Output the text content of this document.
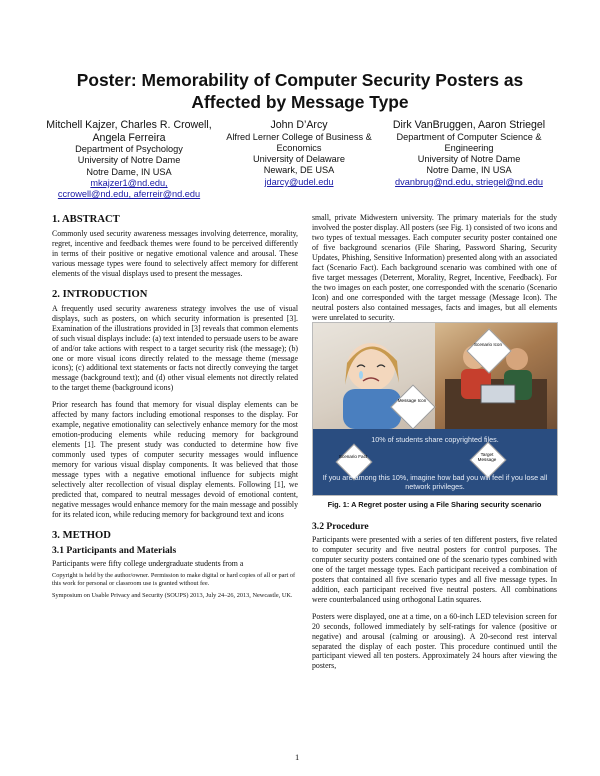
Poster: Memorability of Computer Security Posters as Affected by Message Type
Mitchell Kajzer, Charles R. Crowell, Angela Ferreira
Department of Psychology
University of Notre Dame
Notre Dame, IN USA
mkajzer1@nd.edu,
ccrowell@nd.edu, aferreir@nd.edu
John D’Arcy
Alfred Lerner College of Business & Economics
University of Delaware
Newark, DE USA
jdarcy@udel.edu
Dirk VanBruggen, Aaron Striegel
Department of Computer Science & Engineering
University of Notre Dame
Notre Dame, IN USA
dvanbrug@nd.edu, striegel@nd.edu
1. ABSTRACT

Commonly used security awareness messages involving deterrence, morality, regret, incentive and feedback themes were found to be perceived differently in terms of their positive or negative emotional valence and arousal. These various message types were found to selectively affect memory for different elements of the visual displays used to present the messages.

2. INTRODUCTION

A frequently used security awareness strategy involves the use of visual displays, such as posters, on which security information is presented [3]. Examination of the illustrations provided in [3] reveals that common elements of such visual displays include: (a) text intended to persuade users to be aware of and/or take actions with respect to a target security risk (the message); (b) one or more visual icons directly related to the message theme (message icons); (c) additional text statements or facts not directly conveying the target message (background text); and (d) other visual elements not directly related to the target theme (background icons)

Prior research has found that memory for visual display elements can be affected by many factors including emotional responses to the display. For example, negative emotionality can selectively enhance memory for the most emotion-producing elements while reducing memory for background elements [1]. The present study was conducted to determine how five commonly used types of computer security messages would influence memory for various visual display components. It was believed that those message types with a negative emotional influence for subjects might selectively alter recollection of visual display elements. Following [1], we predicted that, compared to neutral messages devoid of emotional content, negative messages would enhance memory for the main message and possibly for its related icon, while reducing memory for background text and icons

3. METHOD
3.1 Participants and Materials

Participants were fifty college undergraduate students from a

Copyright is held by the author/owner. Permission to make digital or hard copies of all or part of this work for personal or classroom use is granted without fee.

Symposium on Usable Privacy and Security (SOUPS) 2013, July 24–26, 2013, Newcastle, UK.

small, private Midwestern university. The primary materials for the study involved the poster display. All posters (see Fig. 1) consisted of two icons and two types of textual messages. Each computer security poster contained one of five background scenarios (File Sharing, Password Sharing, Security Updates, Phishing, Sensitive Information) presented along with an associated fact (Scenario Fact). Each background scenario was combined with one of five target messages (Deterrent, Morality, Regret, Incentive, Feedback). For the two images on each poster, one corresponded with the scenario (Scenario Icon) and one corresponded with the target message (Message Icon). The neutral posters also contained messages, facts and images, but all elements were unrelated to security.

Scenario Icon
Message Icon
10% of students share copyrighted files.
Scenario Fact	Target Message
If you are among this 10%, imagine how bad you will feel if you lose all network privileges.
Fig. 1: A Regret poster using a File Sharing security scenario
3.2 Procedure

Participants were presented with a series of ten different posters, five related to computer security and five neutral posters for control purposes. The computer security posters contained one of the scenario types combined with one of the target message types. Each participant received a combination of posters that contained all five scenario types and all five message types. In addition, each participant received five neutral posters. All combinations were counterbalanced using orthogonal Latin squares.

Posters were displayed, one at a time, on a 60-inch LED television screen for 20 seconds, followed immediately by self-ratings for valence (positive or negative) and arousal (calming or arousing). A 20-second rest interval separated the display of each poster. This procedure continued until the participant viewed all ten posters. Approximately 24 hours after viewing the posters,

1
